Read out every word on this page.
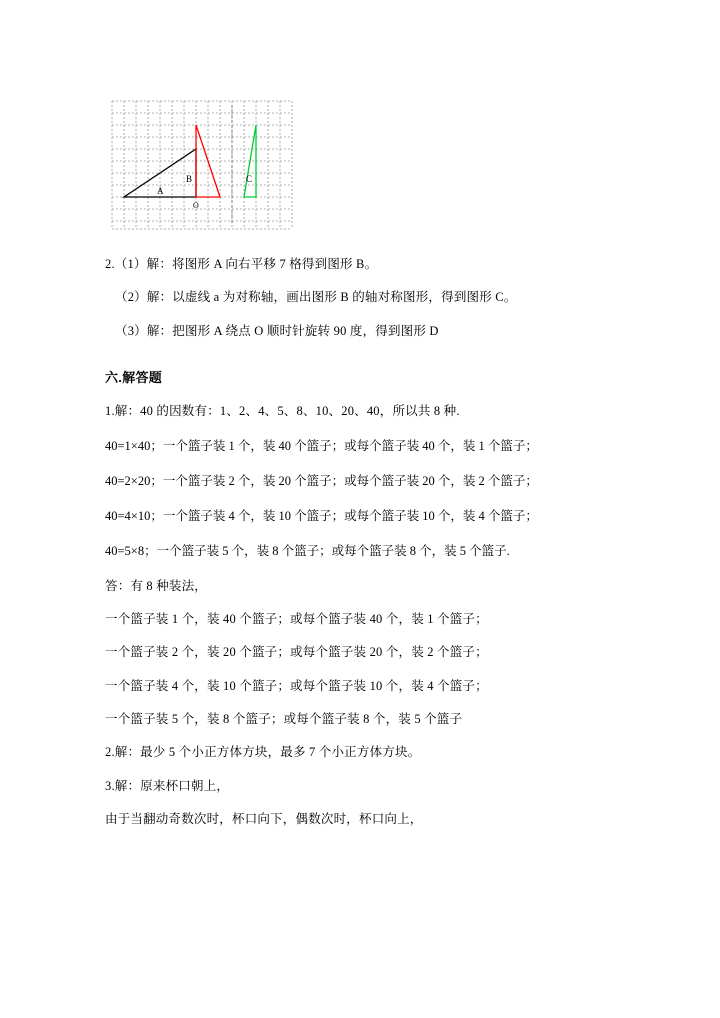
A
B	C
O

2.（1）解：将图形 A 向右平移 7 格得到图形 B。

（2）解：以虚线 a 为对称轴，画出图形 B 的轴对称图形，得到图形 C。

（3）解：把图形 A 绕点 O 顺时针旋转 90 度，得到图形 D

六.解答题

1.解：40 的因数有：1、2、4、5、8、10、20、40，所以共 8 种.

40=1×40；一个篮子装 1 个，装 40 个篮子；或每个篮子装 40 个，装 1 个篮子；

40=2×20；一个篮子装 2 个，装 20 个篮子；或每个篮子装 20 个，装 2 个篮子；

40=4×10；一个篮子装 4 个，装 10 个篮子；或每个篮子装 10 个，装 4 个篮子；

40=5×8；一个篮子装 5 个，装 8 个篮子；或每个篮子装 8 个，装 5 个篮子.

答：有 8 种装法，

一个篮子装 1 个，装 40 个篮子；或每个篮子装 40 个，装 1 个篮子；

一个篮子装 2 个，装 20 个篮子；或每个篮子装 20 个，装 2 个篮子；

一个篮子装 4 个，装 10 个篮子；或每个篮子装 10 个，装 4 个篮子；

一个篮子装 5 个，装 8 个篮子；或每个篮子装 8 个，装 5 个篮子

2.解：最少 5 个小正方体方块，最多 7 个小正方体方块。

3.解：原来杯口朝上，

由于当翻动奇数次时，杯口向下，偶数次时，杯口向上，
